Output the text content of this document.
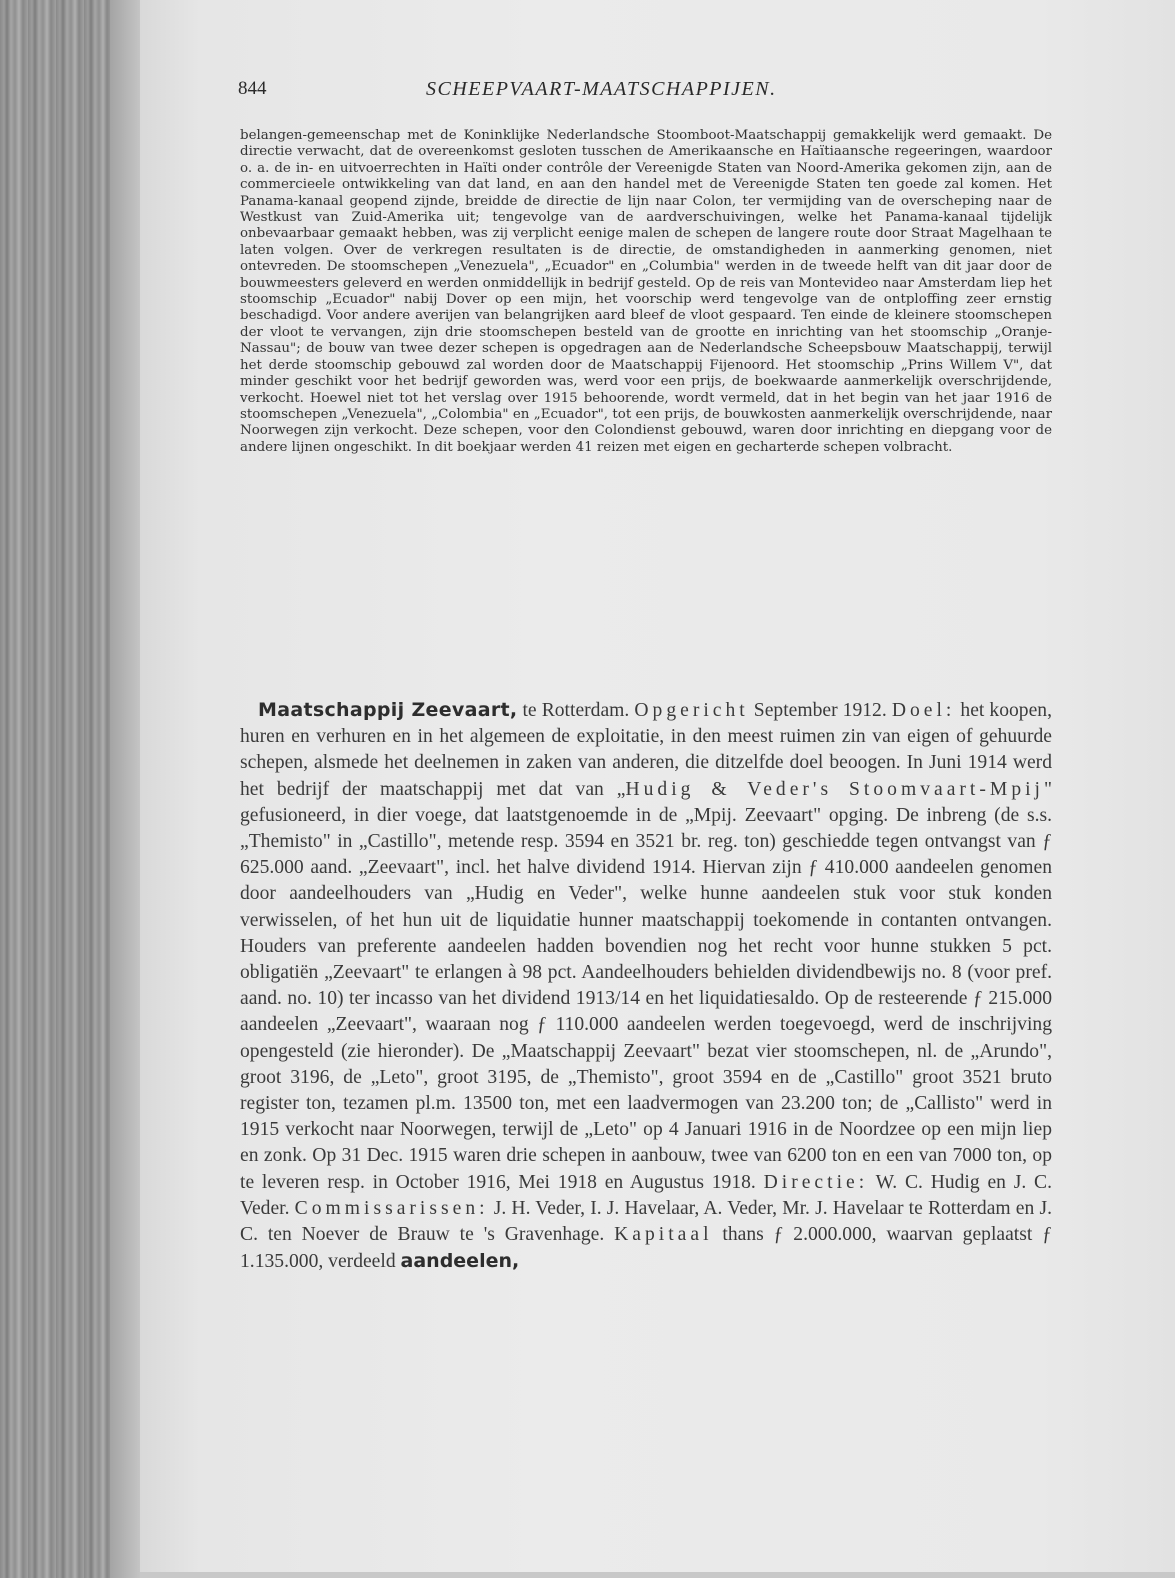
844	SCHEEPVAART-MAATSCHAPPIJEN.

belangen-gemeenschap met de Koninklijke Nederlandsche Stoomboot-Maatschappij gemakkelijk werd gemaakt. De directie verwacht, dat de overeenkomst gesloten tusschen de Amerikaansche en Haïtiaansche regeeringen, waardoor o. a. de in- en uitvoerrechten in Haïti onder contrôle der Vereenigde Staten van Noord-Amerika gekomen zijn, aan de commercieele ontwikkeling van dat land, en aan den handel met de Vereenigde Staten ten goede zal komen. Het Panama-kanaal geopend zijnde, breidde de directie de lijn naar Colon, ter vermijding van de overscheping naar de Westkust van Zuid-Amerika uit; tengevolge van de aardverschuivingen, welke het Panama-kanaal tijdelijk onbevaarbaar gemaakt hebben, was zij verplicht eenige malen de schepen de langere route door Straat Magelhaan te laten volgen. Over de verkregen resultaten is de directie, de omstandigheden in aanmerking genomen, niet ontevreden. De stoomschepen „Venezuela", „Ecuador" en „Columbia" werden in de tweede helft van dit jaar door de bouwmeesters geleverd en werden onmiddellijk in bedrijf gesteld. Op de reis van Montevideo naar Amsterdam liep het stoomschip „Ecuador" nabij Dover op een mijn, het voorschip werd tengevolge van de ontploffing zeer ernstig beschadigd. Voor andere averijen van belangrijken aard bleef de vloot gespaard. Ten einde de kleinere stoomschepen der vloot te vervangen, zijn drie stoomschepen besteld van de grootte en inrichting van het stoomschip „Oranje-Nassau"; de bouw van twee dezer schepen is opgedragen aan de Nederlandsche Scheepsbouw Maatschappij, terwijl het derde stoomschip gebouwd zal worden door de Maatschappij Fijenoord. Het stoomschip „Prins Willem V", dat minder geschikt voor het bedrijf geworden was, werd voor een prijs, de boekwaarde aanmerkelijk overschrijdende, verkocht. Hoewel niet tot het verslag over 1915 behoorende, wordt vermeld, dat in het begin van het jaar 1916 de stoomschepen „Venezuela", „Colombia" en „Ecuador", tot een prijs, de bouwkosten aanmerkelijk overschrijdende, naar Noorwegen zijn verkocht. Deze schepen, voor den Colondienst gebouwd, waren door inrichting en diepgang voor de andere lijnen ongeschikt. In dit boekjaar werden 41 reizen met eigen en gecharterde schepen volbracht.

Maatschappij Zeevaart, te Rotterdam. Opgericht September 1912. Doel: het koopen, huren en verhuren en in het algemeen de exploitatie, in den meest ruimen zin van eigen of gehuurde schepen, alsmede het deelnemen in zaken van anderen, die ditzelfde doel beoogen. In Juni 1914 werd het bedrijf der maatschappij met dat van „Hudig & Veder's Stoomvaart-Mpij" gefusioneerd, in dier voege, dat laatstgenoemde in de „Mpij. Zeevaart" opging. De inbreng (de s.s. „Themisto" in „Castillo", metende resp. 3594 en 3521 br. reg. ton) geschiedde tegen ontvangst van ƒ 625.000 aand. „Zeevaart", incl. het halve dividend 1914. Hiervan zijn ƒ 410.000 aandeelen genomen door aandeelhouders van „Hudig en Veder", welke hunne aandeelen stuk voor stuk konden verwisselen, of het hun uit de liquidatie hunner maatschappij toekomende in contanten ontvangen. Houders van preferente aandeelen hadden bovendien nog het recht voor hunne stukken 5 pct. obligatiën „Zeevaart" te erlangen à 98 pct. Aandeelhouders behielden dividendbewijs no. 8 (voor pref. aand. no. 10) ter incasso van het dividend 1913/14 en het liquidatiesaldo. Op de resteerende ƒ 215.000 aandeelen „Zeevaart", waaraan nog ƒ 110.000 aandeelen werden toegevoegd, werd de inschrijving opengesteld (zie hieronder). De „Maatschappij Zeevaart" bezat vier stoomschepen, nl. de „Arundo", groot 3196, de „Leto", groot 3195, de „Themisto", groot 3594 en de „Castillo" groot 3521 bruto register ton, tezamen pl.m. 13500 ton, met een laadvermogen van 23.200 ton; de „Callisto" werd in 1915 verkocht naar Noorwegen, terwijl de „Leto" op 4 Januari 1916 in de Noordzee op een mijn liep en zonk. Op 31 Dec. 1915 waren drie schepen in aanbouw, twee van 6200 ton en een van 7000 ton, op te leveren resp. in October 1916, Mei 1918 en Augustus 1918. Directie: W. C. Hudig en J. C. Veder. Commissarissen: J. H. Veder, I. J. Havelaar, A. Veder, Mr. J. Havelaar te Rotterdam en J. C. ten Noever de Brauw te 's Gravenhage. Kapitaal thans ƒ 2.000.000, waarvan geplaatst ƒ 1.135.000, verdeeld aandeelen,
